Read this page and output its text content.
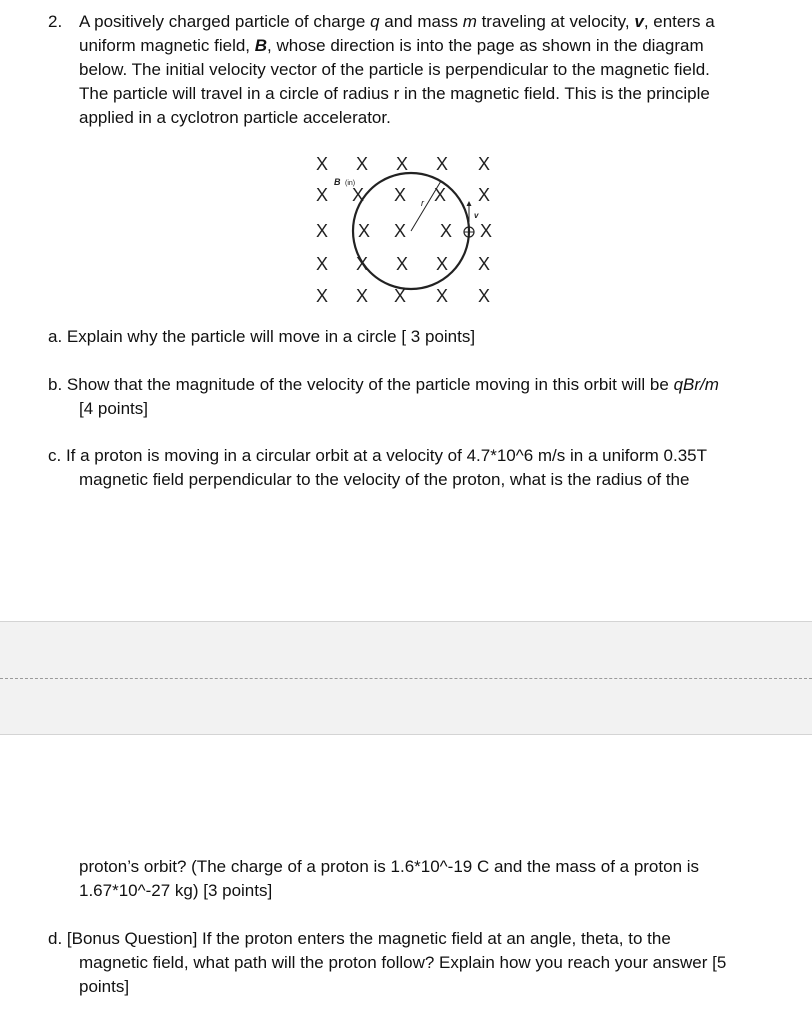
2. A positively charged particle of charge q and mass m traveling at velocity, v, enters a
uniform magnetic field, B, whose direction is into the page as shown in the diagram
below. The initial velocity vector of the particle is perpendicular to the magnetic field.
The particle will travel in a circle of radius r in the magnetic field. This is the principle
applied in a cyclotron particle accelerator.
X X X X X
X X X X X
X X X X X
X X X X X
X X X X X
r
B (in)
v
a. Explain why the particle will move in a circle [ 3 points]
b. Show that the magnitude of the velocity of the particle moving in this orbit will be qBr/m
[4 points]
c. If a proton is moving in a circular orbit at a velocity of 4.7*10^6 m/s in a uniform 0.35T
magnetic field perpendicular to the velocity of the proton, what is the radius of the
proton’s orbit? (The charge of a proton is 1.6*10^-19 C and the mass of a proton is
1.67*10^-27 kg) [3 points]
d. [Bonus Question] If the proton enters the magnetic field at an angle, theta, to the
magnetic field, what path will the proton follow? Explain how you reach your answer [5
points]
